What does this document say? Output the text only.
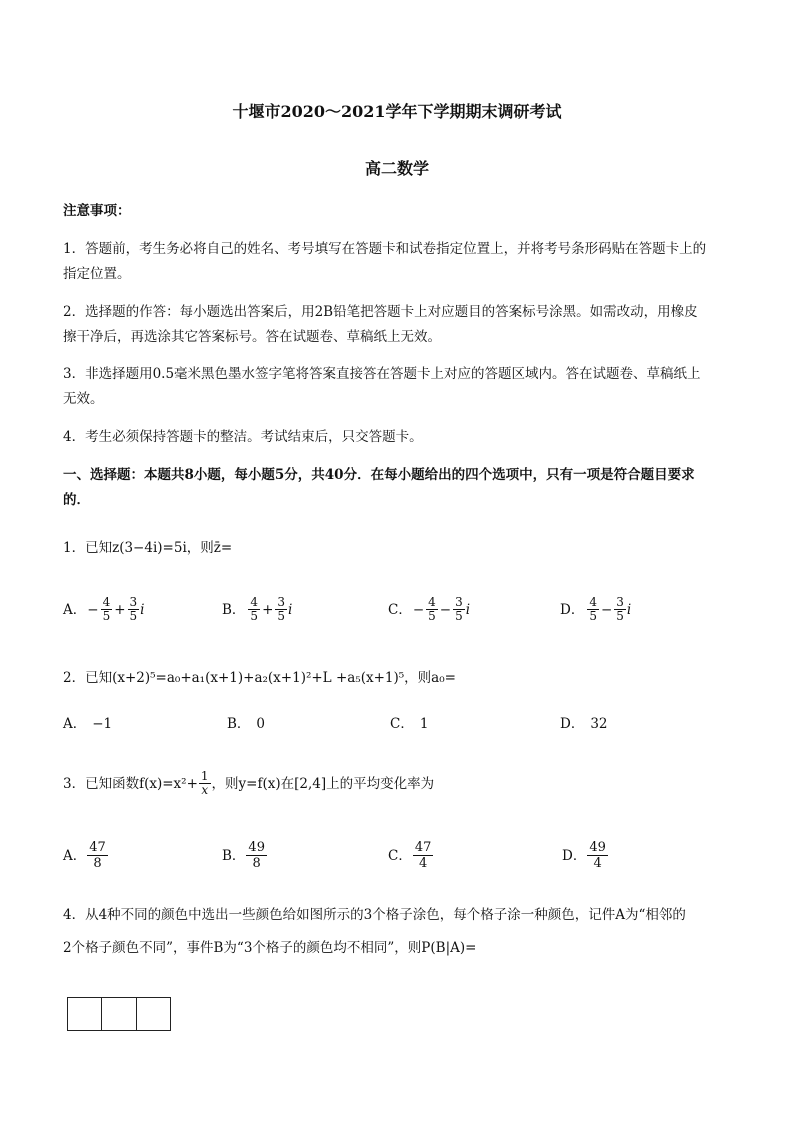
十堰市2020～2021学年下学期期末调研考试
高二数学
注意事项：
1．答题前，考生务必将自己的姓名、考号填写在答题卡和试卷指定位置上，并将考号条形码贴在答题卡上的
指定位置。
2．选择题的作答：每小题选出答案后，用2B铅笔把答题卡上对应题目的答案标号涂黑。如需改动，用橡皮
擦干净后，再选涂其它答案标号。答在试题卷、草稿纸上无效。
3．非选择题用0.5毫米黑色墨水签字笔将答案直接答在答题卡上对应的答题区域内。答在试题卷、草稿纸上
无效。
4．考生必须保持答题卡的整洁。考试结束后，只交答题卡。
一、选择题：本题共8小题，每小题5分，共40分．在每小题给出的四个选项中，只有一项是符合题目要求
的．
1．已知z(3−4i)=5i，则z̄=
A． − $\frac{4}{5} + \frac{3}{5}$ i	B． $\frac{4}{5} + \frac{3}{5}$ i	C． − $\frac{4}{5} - \frac{3}{5}$ i	D． $\frac{4}{5} - \frac{3}{5}$ i
2．已知(x+2)⁵=a₀+a₁(x+1)+a₂(x+1)²+L +a₅(x+1)⁵，则a₀=
A． −1	B． 0	C． 1	D． 32
3．已知函数$f(x)=x^2+ \frac{1}{x}$ ，则y=f(x)在[2,4]上的平均变化率为
A． $\frac{47}{8}$	B． $\frac{49}{8}$	C． $\frac{47}{4}$	D． $\frac{49}{4}$
4．从4种不同的颜色中选出一些颜色给如图所示的3个格子涂色，每个格子涂一种颜色，记件A为“相邻的
2个格子颜色不同”，事件B为“3个格子的颜色均不相同”，则P(B|A)=
